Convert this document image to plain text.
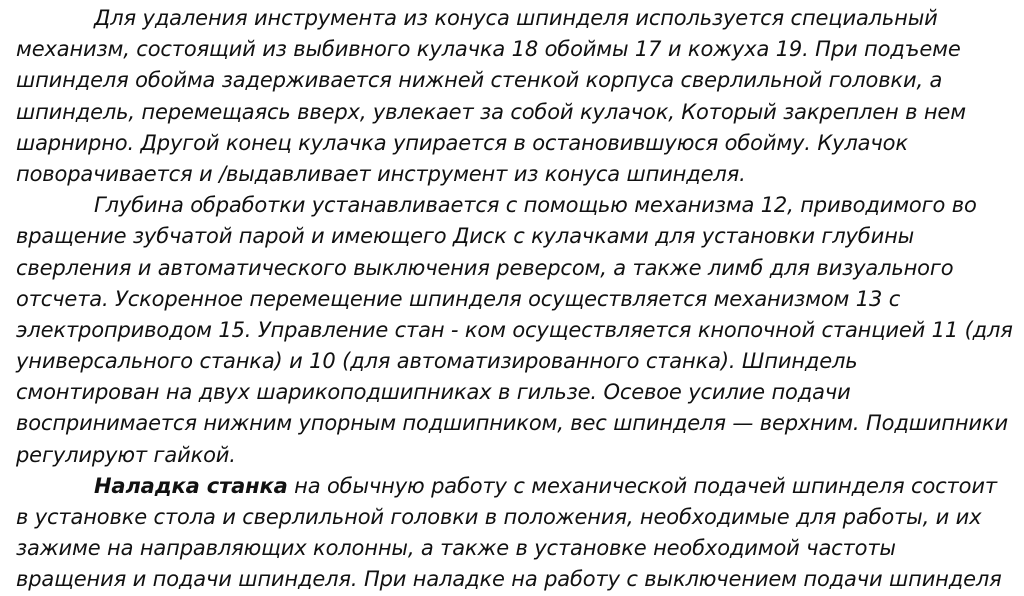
Для удаления инструмента из конуса шпинделя используется специальный
механизм, состоящий из выбивного кулачка 18 обоймы 17 и кожуха 19. При подъеме
шпинделя обойма задерживается нижней стенкой корпуса сверлильной головки, а
шпиндель, перемещаясь вверх, увлекает за собой кулачок, Который закреплен в нем
шарнирно. Другой конец кулачка упирается в остановившуюся обойму. Кулачок
поворачивается и /выдавливает инструмент из конуса шпинделя.
Глубина обработки устанавливается с помощью механизма 12, приводимого во
вращение зубчатой парой и имеющего Диск с кулачками для установки глубины
сверления и автоматического выключения реверсом, а также лимб для визуального
отсчета. Ускоренное перемещение шпинделя осуществляется механизмом 13 с
электроприводом 15. Управление стан - ком осуществляется кнопочной станцией 11 (для
универсального станка) и 10 (для автоматизированного станка). Шпиндель
смонтирован на двух шарикоподшипниках в гильзе. Осевое усилие подачи
воспринимается нижним упорным подшипником, вес шпинделя — верхним. Подшипники
регулируют гайкой.
Наладка станка на обычную работу с механической подачей шпинделя состоит
в установке стола и сверлильной головки в положения, необходимые для работы, и их
зажиме на направляющих колонны, а также в установке необходимой частоты
вращения и подачи шпинделя. При наладке на работу с выключением подачи шпинделя
